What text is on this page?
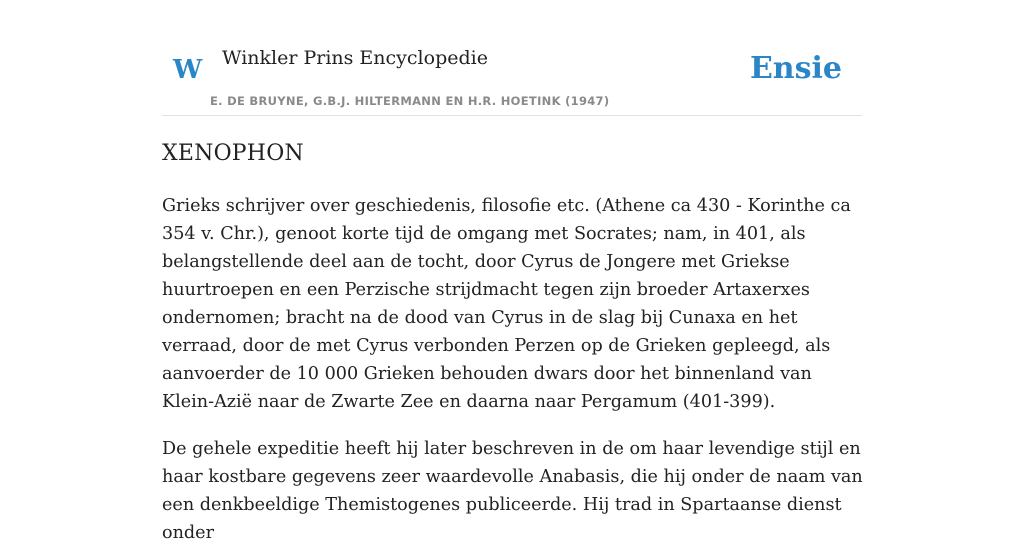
W Winkler Prins Encyclopedie
E. DE BRUYNE, G.B.J. HILTERMANN EN H.R. HOETINK (1947)
Ensie
XENOPHON

Grieks schrijver over geschiedenis, filosofie etc. (Athene ca 430 - Korinthe ca 354 v. Chr.), genoot korte tijd de omgang met Socrates; nam, in 401, als belangstellende deel aan de tocht, door Cyrus de Jongere met Griekse huurtroepen en een Perzische strijdmacht tegen zijn broeder Artaxerxes ondernomen; bracht na de dood van Cyrus in de slag bij Cunaxa en het verraad, door de met Cyrus verbonden Perzen op de Grieken gepleegd, als aanvoerder de 10 000 Grieken behouden dwars door het binnenland van Klein-Azië naar de Zwarte Zee en daarna naar Pergamum (401-399).

De gehele expeditie heeft hij later beschreven in de om haar levendige stijl en haar kostbare gegevens zeer waardevolle Anabasis, die hij onder de naam van een denkbeeldige Themistogenes publiceerde. Hij trad in Spartaanse dienst onder
